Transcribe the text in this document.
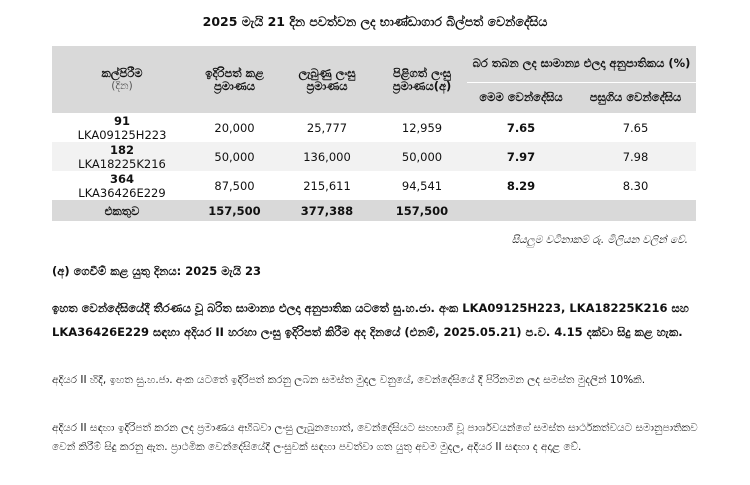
2025 මැයි 21 දින පවත්වන ලද භාණ්ඩාගාර බිල්පත් වෙන්දේසිය
කල්පිරීම
(දින)	ඉදිරිපත් කළ ප්‍රමාණය	ලැබුණු ලංසු ප්‍රමාණය	පිළිගත් ලංසු ප්‍රමාණය(අ)	බර තබන ලද සාමාන්‍ය එලදා අනුපාතිකය (%)	
				මෙම වෙන්දේසිය	පසුගිය වෙන්දේසිය

91
LKA09125H223	20,000	25,777	12,959	7.65	7.65

182
LKA18225K216	50,000	136,000	50,000	7.97	7.98

364
LKA36426E229	87,500	215,611	94,541	8.29	8.30
එකතුව	157,500	377,388	157,500		
සියලුම වටිනාකම් රු. මිලියන වලින් වේ.
(අ) ගෙවීම් කළ යුතු දිනය: 2025 මැයි 23
ඉහත වෙන්දේසියේදී තීරණය වූ බරිත සාමාන්‍ය එලදා අනුපාතික යටතේ සු.හ.ජා. අංක LKA09125H223, LKA18225K216 සහ LKA36426E229 සඳහා අදියර II හරහා ලංසු ඉදිරිපත් කිරීම අද දිනයේ (එනම්, 2025.05.21) ප.ව. 4.15 දක්වා සිදු කළ හැක.
අදියර II හිදී, ඉහත සු.හ.ජා. අංක යටතේ ඉදිරිපත් කරනු ලබන සමස්ත මුදල වනුයේ, වෙන්දේසියේ දී පිරිනමන ලද සමස්ත මුදලින් 10%කි.
අදියර II සඳහා ඉදිරිපත් කරන ලද ප්‍රමාණය අභිබවා ලංසු ලැබුනහොත්, වෙන්දේසියට සහභාගී වූ පාර්ශවයන්ගේ සමස්ත සාර්ථකත්වයට සමානුපාතිකව වෙන් කිරීම් සිදු කරනු ඇත. ප්‍රාථමික වෙන්දේසියේදී ලංසුවක් සඳහා පවත්වා ගත යුතු අවම මුදල, අදියර II සඳහා ද අදාළ වේ.
